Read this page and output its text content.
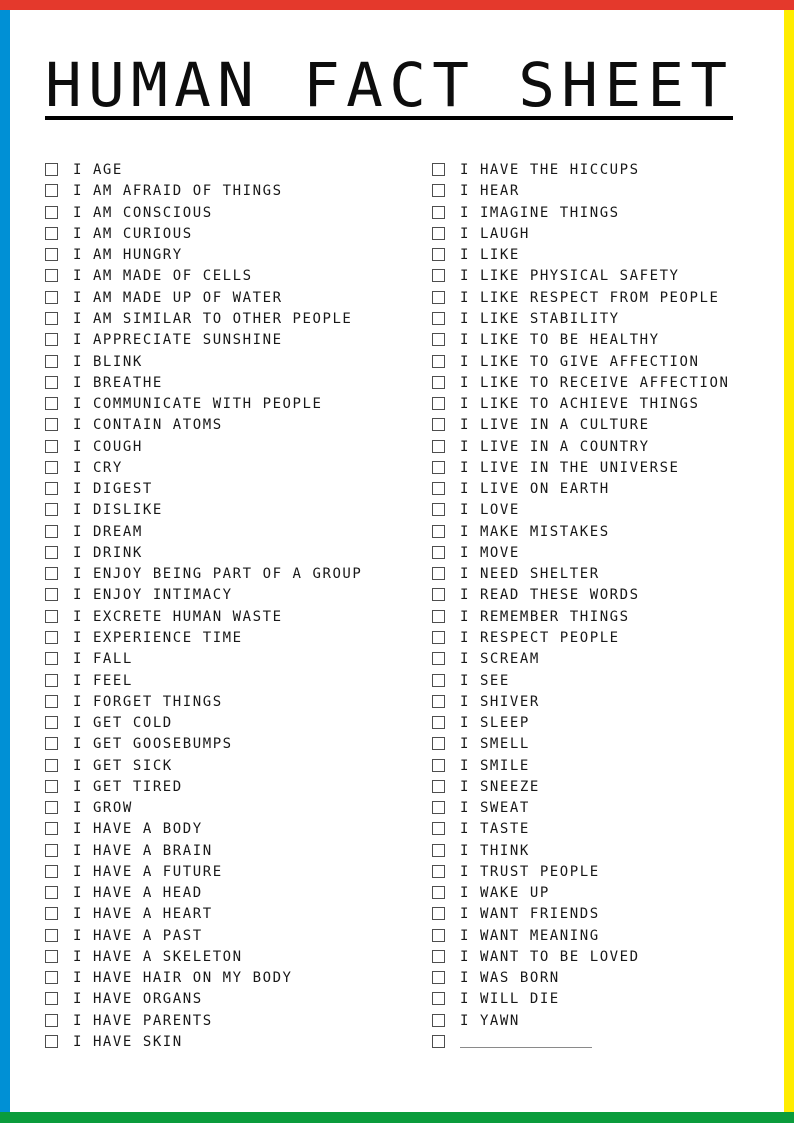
HUMAN FACT SHEET
I AGE
I AM AFRAID OF THINGS
I AM CONSCIOUS
I AM CURIOUS
I AM HUNGRY
I AM MADE OF CELLS
I AM MADE UP OF WATER
I AM SIMILAR TO OTHER PEOPLE
I APPRECIATE SUNSHINE
I BLINK
I BREATHE
I COMMUNICATE WITH PEOPLE
I CONTAIN ATOMS
I COUGH
I CRY
I DIGEST
I DISLIKE
I DREAM
I DRINK
I ENJOY BEING PART OF A GROUP
I ENJOY INTIMACY
I EXCRETE HUMAN WASTE
I EXPERIENCE TIME
I FALL
I FEEL
I FORGET THINGS
I GET COLD
I GET GOOSEBUMPS
I GET SICK
I GET TIRED
I GROW
I HAVE A BODY
I HAVE A BRAIN
I HAVE A FUTURE
I HAVE A HEAD
I HAVE A HEART
I HAVE A PAST
I HAVE A SKELETON
I HAVE HAIR ON MY BODY
I HAVE ORGANS
I HAVE PARENTS
I HAVE SKIN
I HAVE THE HICCUPS
I HEAR
I IMAGINE THINGS
I LAUGH
I LIKE
I LIKE PHYSICAL SAFETY
I LIKE RESPECT FROM PEOPLE
I LIKE STABILITY
I LIKE TO BE HEALTHY
I LIKE TO GIVE AFFECTION
I LIKE TO RECEIVE AFFECTION
I LIKE TO ACHIEVE THINGS
I LIVE IN A CULTURE
I LIVE IN A COUNTRY
I LIVE IN THE UNIVERSE
I LIVE ON EARTH
I LOVE
I MAKE MISTAKES
I MOVE
I NEED SHELTER
I READ THESE WORDS
I REMEMBER THINGS
I RESPECT PEOPLE
I SCREAM
I SEE
I SHIVER
I SLEEP
I SMELL
I SMILE
I SNEEZE
I SWEAT
I TASTE
I THINK
I TRUST PEOPLE
I WAKE UP
I WANT FRIENDS
I WANT MEANING
I WANT TO BE LOVED
I WAS BORN
I WILL DIE
I YAWN
